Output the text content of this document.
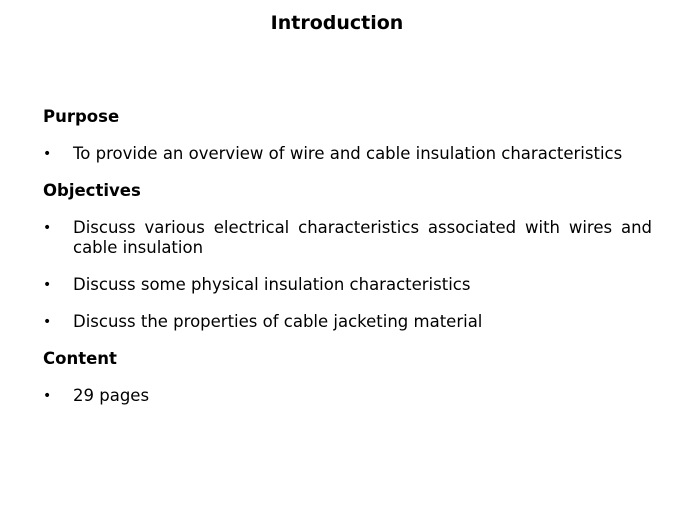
Introduction
Purpose
• To provide an overview of wire and cable insulation characteristics
Objectives
• Discuss various electrical characteristics associated with wires and cable insulation
• Discuss some physical insulation characteristics
• Discuss the properties of cable jacketing material
Content
• 29 pages
